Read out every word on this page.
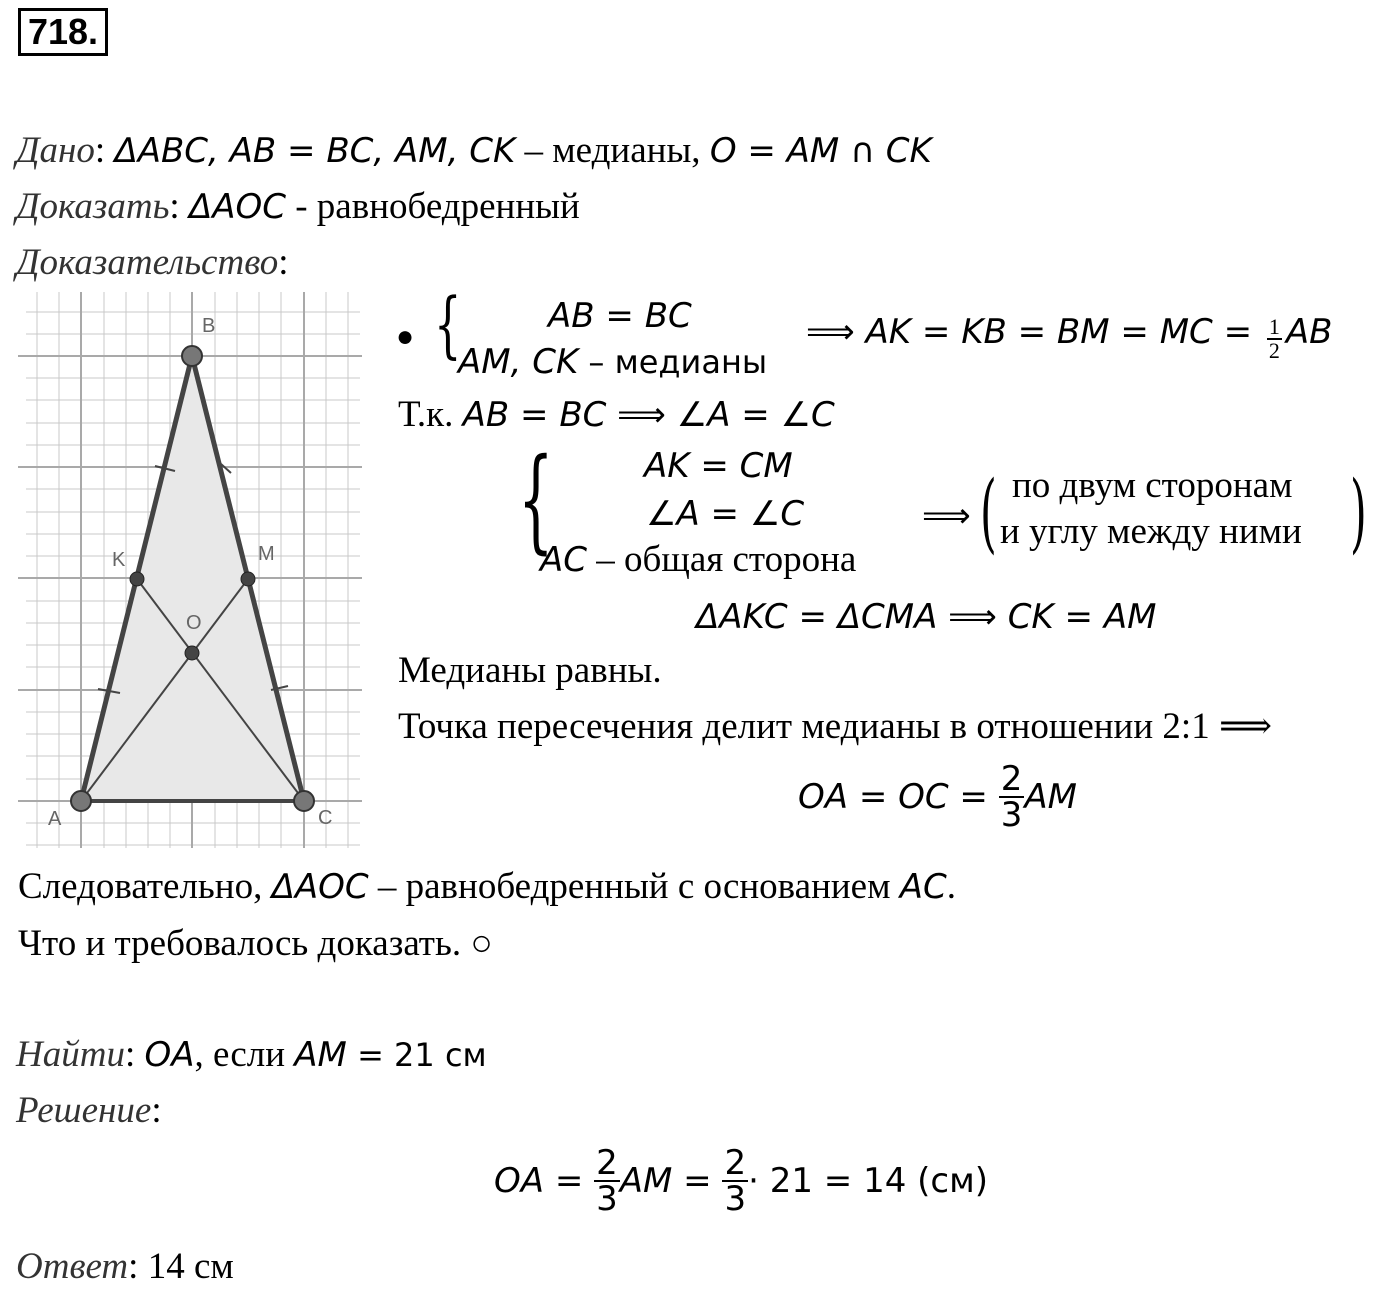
718.
Дано: ΔABC, AB = BC, AM, CK – медианы, O = AM ∩ CK
Доказать: ΔAOC - равнобедренный
Доказательство:
A
B
C
K	M
O
● {	AB = BC
AM, CK – медианы
⟹ AK = KB = BM = MC = $\frac{1}{2}$ AB
Т.к. AB = BC ⟹ ∠A = ∠C
{	AK = CM
∠A = ∠C
AC – общая сторона
⟹ (	)
по двум сторонам
и углу между ними
ΔAKC = ΔCMA ⟹ CK = AM
Медианы равны.
Точка пересечения делит медианы в отношении 2:1 ⟹
OA = OC = $\frac{2}{3}$ AM
Следовательно, ΔAOC – равнобедренный с основанием AC.
Что и требовалось доказать. ○
Найти: OA, если AM = 21 см
Решение:
OA = $\frac{2}{3}$ AM = $\frac{2}{3} \cdot 21 = 14$ (см)
Ответ: 14 см
